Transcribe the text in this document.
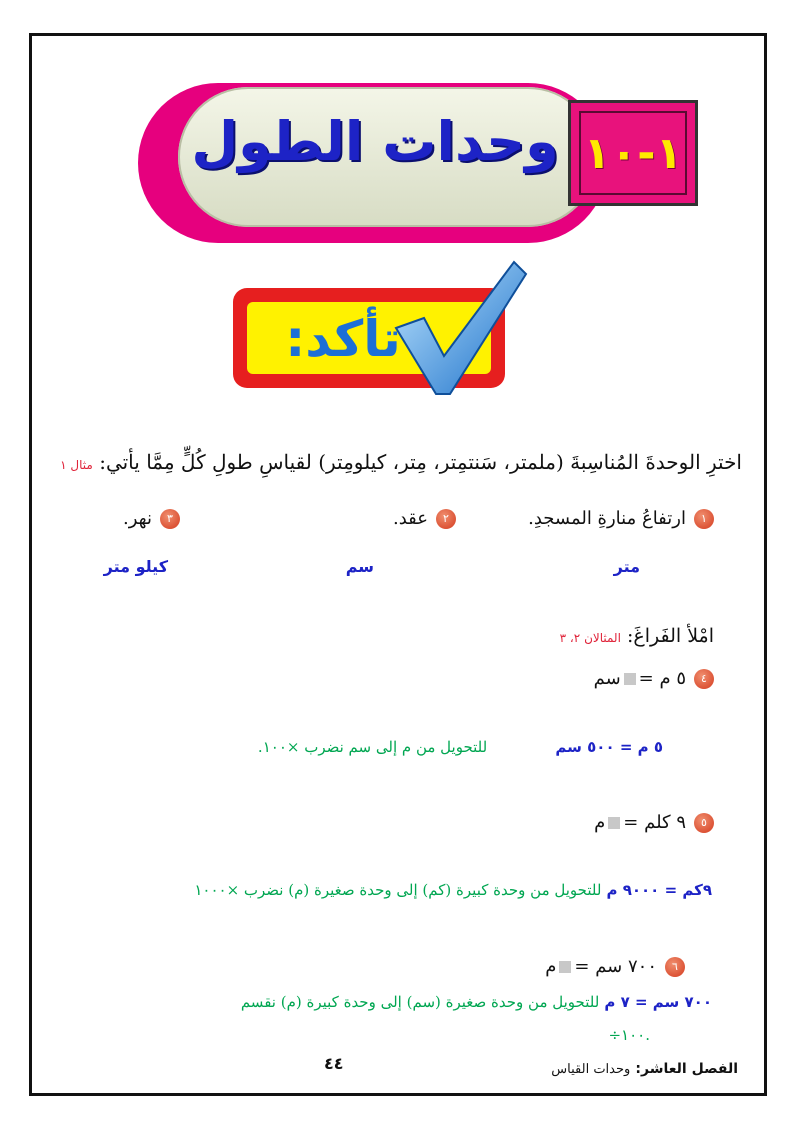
وحدات الطول ١-١٠
تأكد:
اخترِ الوحدةَ المُناسِبةَ (ملمتر، سَنتمِتر، مِتر، كيلومِتر) لقياسِ طولِ كُلٍّ مِمَّا يأتي: مثال ١
١ارتفاعُ منارةِ المسجدِ.
٢عقد.
٣نهر.
متر
سم
كيلو متر
امْلأ الفَراغَ: المثالان ٢، ٣
٤٥ م =سم
٥ م = ٥٠٠ سم  للتحويل من م إلى سم نضرب ×١٠٠.
٥٩ كلم =م
٩كم = ٩٠٠٠ م للتحويل من وحدة كبيرة (كم) إلى وحدة صغيرة (م) نضرب ×١٠٠٠
٦٧٠٠ سم =م
٧٠٠ سم = ٧ م للتحويل من وحدة صغيرة (سم) إلى وحدة كبيرة (م) نقسم
÷١٠٠.
الفصل العاشر: وحدات القياس
٤٤
